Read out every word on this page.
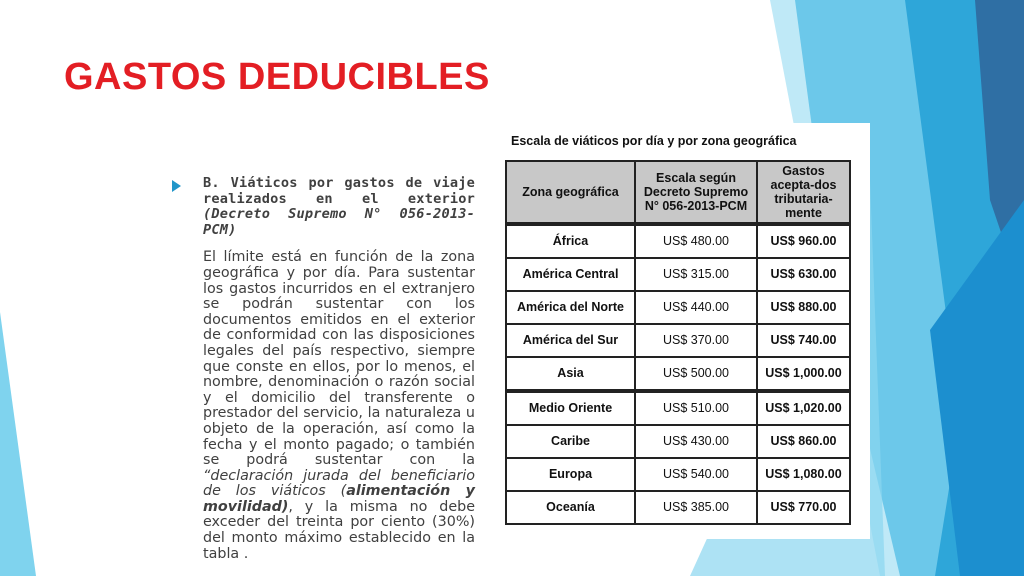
GASTOS DEDUCIBLES

B. Viáticos por gastos de viaje realizados en el exterior (Decreto Supremo N° 056-2013-PCM)

El límite está en función de la zona geográfica y por día. Para sustentar los gastos incurridos en el extranjero se podrán sustentar con los documentos emitidos en el exterior de conformidad con las disposiciones legales del país respectivo, siempre que conste en ellos, por lo menos, el nombre, denominación o razón social y el domicilio del transferente o prestador del servicio, la naturaleza u objeto de la operación, así como la fecha y el monto pagado; o también se podrá sustentar con la “declaración jurada del beneficiario de los viáticos (alimentación y movilidad), y la misma no debe exceder del treinta por ciento (30%) del monto máximo establecido en la tabla .

Escala de viáticos por día y por zona geográfica
Zona geográfica	Escala según Decreto Supremo N° 056-2013-PCM	Gastos acepta-dos tributaria-mente
África	US$ 480.00	US$ 960.00
América Central	US$ 315.00	US$ 630.00
América del Norte	US$ 440.00	US$ 880.00
América del Sur	US$ 370.00	US$ 740.00
Asia	US$ 500.00	US$ 1,000.00
Medio Oriente	US$ 510.00	US$ 1,020.00
Caribe	US$ 430.00	US$ 860.00
Europa	US$ 540.00	US$ 1,080.00
Oceanía	US$ 385.00	US$ 770.00
